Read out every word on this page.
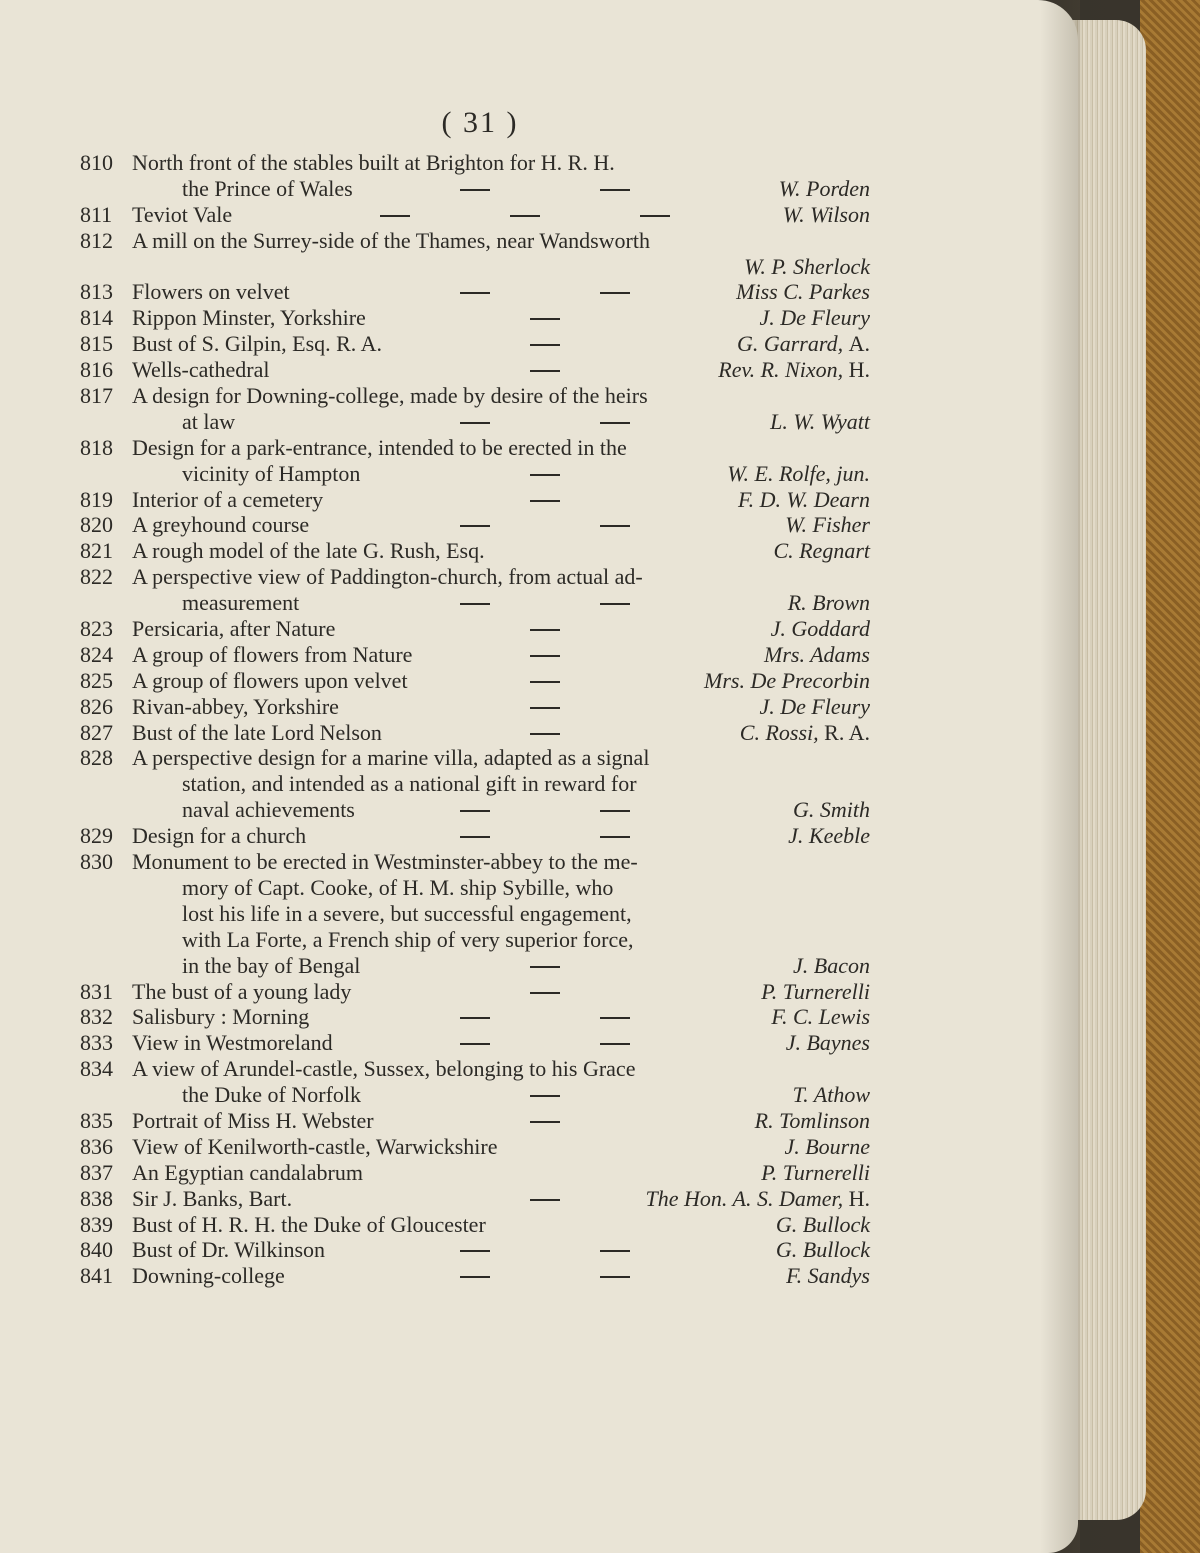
( 31 )
810 North front of the stables built at Brighton for H. R. H.
the Prince of Wales	W. Porden
811 Teviot Vale	W. Wilson
812 A mill on the Surrey-side of the Thames, near Wandsworth
W. P. Sherlock
813 Flowers on velvet	Miss C. Parkes
814 Rippon Minster, Yorkshire	J. De Fleury
815 Bust of S. Gilpin, Esq. R. A.	G. Garrard, A.
816 Wells-cathedral	Rev. R. Nixon, H.
817 A design for Downing-college, made by desire of the heirs
at law	L. W. Wyatt
818 Design for a park-entrance, intended to be erected in the
vicinity of Hampton	W. E. Rolfe, jun.
819 Interior of a cemetery	F. D. W. Dearn
820 A greyhound course	W. Fisher
821 A rough model of the late G. Rush, Esq.	C. Regnart
822 A perspective view of Paddington-church, from actual ad-
measurement	R. Brown
823 Persicaria, after Nature	J. Goddard
824 A group of flowers from Nature	Mrs. Adams
825 A group of flowers upon velvet	Mrs. De Precorbin
826 Rivan-abbey, Yorkshire	J. De Fleury
827 Bust of the late Lord Nelson	C. Rossi, R. A.
828 A perspective design for a marine villa, adapted as a signal
station, and intended as a national gift in reward for
naval achievements	G. Smith
829 Design for a church	J. Keeble
830 Monument to be erected in Westminster-abbey to the me-
mory of Capt. Cooke, of H. M. ship Sybille, who
lost his life in a severe, but successful engagement,
with La Forte, a French ship of very superior force,
in the bay of Bengal	J. Bacon
831 The bust of a young lady	P. Turnerelli
832 Salisbury : Morning	F. C. Lewis
833 View in Westmoreland	J. Baynes
834 A view of Arundel-castle, Sussex, belonging to his Grace
the Duke of Norfolk	T. Athow
835 Portrait of Miss H. Webster	R. Tomlinson
836 View of Kenilworth-castle, Warwickshire	J. Bourne
837 An Egyptian candalabrum	P. Turnerelli
838 Sir J. Banks, Bart.	The Hon. A. S. Damer, H.
839 Bust of H. R. H. the Duke of Gloucester	G. Bullock
840 Bust of Dr. Wilkinson	G. Bullock
841 Downing-college	F. Sandys
